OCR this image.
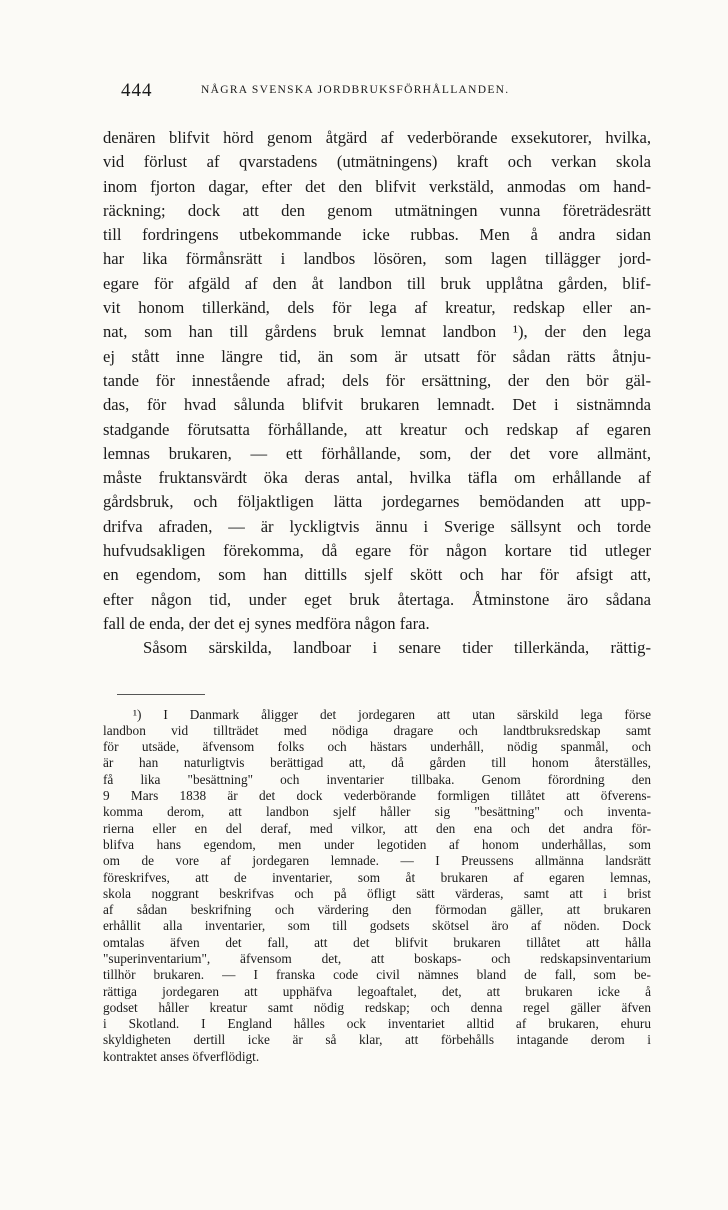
444	NÅGRA SVENSKA JORDBRUKSFÖRHÅLLANDEN.
denären blifvit hörd genom åtgärd af vederbörande exsekutorer, hvilka,
vid förlust af qvarstadens (utmätningens) kraft och verkan skola
inom fjorton dagar, efter det den blifvit verkstäld, anmodas om hand-
räckning; dock att den genom utmätningen vunna företrädesrätt
till fordringens utbekommande icke rubbas. Men å andra sidan
har lika förmånsrätt i landbos lösören, som lagen tillägger jord-
egare för afgäld af den åt landbon till bruk upplåtna gården, blif-
vit honom tillerkänd, dels för lega af kreatur, redskap eller an-
nat, som han till gårdens bruk lemnat landbon ¹), der den lega
ej stått inne längre tid, än som är utsatt för sådan rätts åtnju-
tande för innestående afrad; dels för ersättning, der den bör gäl-
das, för hvad sålunda blifvit brukaren lemnadt. Det i sistnämnda
stadgande förutsatta förhållande, att kreatur och redskap af egaren
lemnas brukaren, — ett förhållande, som, der det vore allmänt,
måste fruktansvärdt öka deras antal, hvilka täfla om erhållande af
gårdsbruk, och följaktligen lätta jordegarnes bemödanden att upp-
drifva afraden, — är lyckligtvis ännu i Sverige sällsynt och torde
hufvudsakligen förekomma, då egare för någon kortare tid utleger
en egendom, som han dittills sjelf skött och har för afsigt att,
efter någon tid, under eget bruk återtaga. Åtminstone äro sådana
fall de enda, der det ej synes medföra någon fara.
Såsom särskilda, landboar i senare tider tillerkända, rättig-
¹) I Danmark åligger det jordegaren att utan särskild lega förse
landbon vid tillträdet med nödiga dragare och landtbruksredskap samt
för utsäde, äfvensom folks och hästars underhåll, nödig spanmål, och
är han naturligtvis berättigad att, då gården till honom återställes,
få lika "besättning" och inventarier tillbaka. Genom förordning den
9 Mars 1838 är det dock vederbörande formligen tillåtet att öfverens-
komma derom, att landbon sjelf håller sig "besättning" och inventa-
rierna eller en del deraf, med vilkor, att den ena och det andra för-
blifva hans egendom, men under legotiden af honom underhållas, som
om de vore af jordegaren lemnade. — I Preussens allmänna landsrätt
föreskrifves, att de inventarier, som åt brukaren af egaren lemnas,
skola noggrant beskrifvas och på öfligt sätt värderas, samt att i brist
af sådan beskrifning och värdering den förmodan gäller, att brukaren
erhållit alla inventarier, som till godsets skötsel äro af nöden. Dock
omtalas äfven det fall, att det blifvit brukaren tillåtet att hålla
"superinventarium", äfvensom det, att boskaps- och redskapsinventarium
tillhör brukaren. — I franska code civil nämnes bland de fall, som be-
rättiga jordegaren att upphäfva legoaftalet, det, att brukaren icke å
godset håller kreatur samt nödig redskap; och denna regel gäller äfven
i Skotland. I England hålles ock inventariet alltid af brukaren, ehuru
skyldigheten dertill icke är så klar, att förbehålls intagande derom i
kontraktet anses öfverflödigt.
